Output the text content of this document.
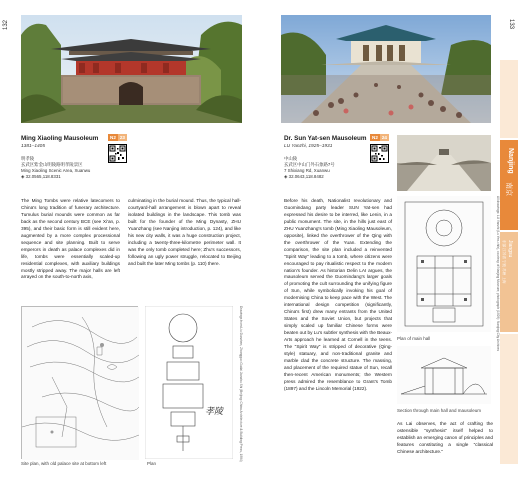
132	133
Ming Xiaoling Mausoleum
1381–1405
N2 23
明孝陵
玄武区紫金山明陵路明孝陵景区
Ming Xiaoling Scenic Area, Xuanwu
◈ 32.0565,118.8331
The Ming Tombs were relative latecomers to China's long tradition of funerary architecture. Tumulus burial mounds were common as far back as the second century BCE (see Xi'an, p. 395), and their basic form is still evident here, augmented by a more complex processional sequence and site planning. Built to serve emperors in death as palace complexes did in life, tombs were essentially scaled-up residential complexes, with auxiliary buildings mostly stripped away. The major halls are left arrayed on the south-to-north axis,
culminating in the burial mound. Thus, the typical hall-courtyard-hall arrangement is blown apart to reveal isolated buildings in the landscape. This tomb was built for the founder of the Ming Dynasty, ZHU Yuanzhang (see Nanjing introduction, p. 124), and like his new city walls, it was a huge construction project, including a twenty-three-kilometre perimeter wall. It was the only tomb completed here; Zhu's successors, following an ugly power struggle, relocated to Beijing and built the later Ming tombs (p. 110) there.
Site plan, with old palace site at bottom left
孝陵
Plan
Drawings from Liu Dunzhen, Zhongguo Gudai Jianzhu Shi (Beijing: China Architecture & Building Press, 1984)
Dr. Sun Yat-sen Mausoleum
LU Yanzhi, 1925–1931
N2 24
中山陵
玄武区中山门外石象路7号
7 Shixiang Rd, Xuanwu
◈ 32.0643,118.8482
Before his death, Nationalist revolutionary and Guomindang party leader SUN Yat-sen had expressed his desire to be interred, like Lenin, in a public monument. The site, in the hills just east of ZHU Yuanzhang's tomb (Ming Xiaoling Mausoleum, opposite), linked the overthrower of the Qing with the overthrower of the Yuan. Extending the comparison, the site plan included a reinvented "Spirit Way" leading to a tomb, where citizens were encouraged to pay ritualistic respect to the modern nation's founder. As historian Delin LAI argues, the mausoleum served the Guomindang's larger goals of promoting the cult surrounding the unifying figure of Sun, while symbolically invoking his goal of modernising China to keep pace with the West. The international design competition (significantly, China's first) drew many entrants from the United States and the Soviet Union, but projects that simply scaled up familiar Chinese forms were beaten out by Lu's subtler synthesis with the Beaux-Arts approach he learned at Cornell in the teens. The "Spirit Way" is stripped of decorative (Qing-style) statuary, and non-traditional granite and marble clad the concrete structure. The massing, and placement of the required statue of Sun, recall then-recent American monuments; the Western press admired the resemblance to Grant's Tomb (1897) and the Lincoln Memorial (1922).
Plan of main hall
Section through main hall and mausoleum
As Lai observes, the act of crafting the ostensible "synthesis" itself helped to establish an emerging canon of principles and features constituting a single "classical Chinese architecture."
All drawings: LU Yanzhi (Lu Yen-chih), courtesy of Nanjing Museum; photograph (1929): Nanjing City Archives
Nanjing
南京
Jiangsu
东部 江苏省 宁波 苏州 上海
